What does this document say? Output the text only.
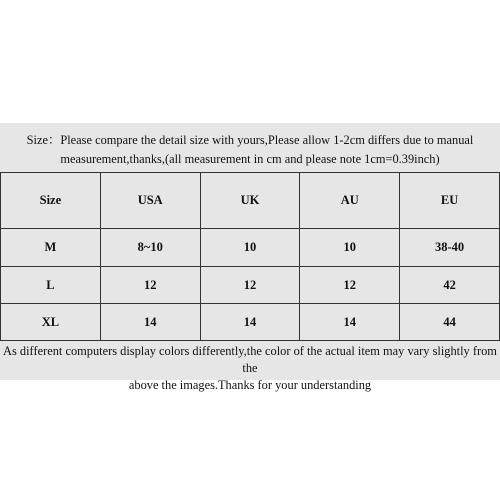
Size：Please compare the detail size with yours,Please allow 1-2cm differs due to manual
measurement,thanks,(all measurement in cm and please note 1cm=0.39inch)
Size	USA	UK	AU	EU
M	8~10	10	10	38-40
L	12	12	12	42
XL	14	14	14	44
As different computers display colors differently,the color of the actual item may vary slightly from the
above the images.Thanks for your understanding
